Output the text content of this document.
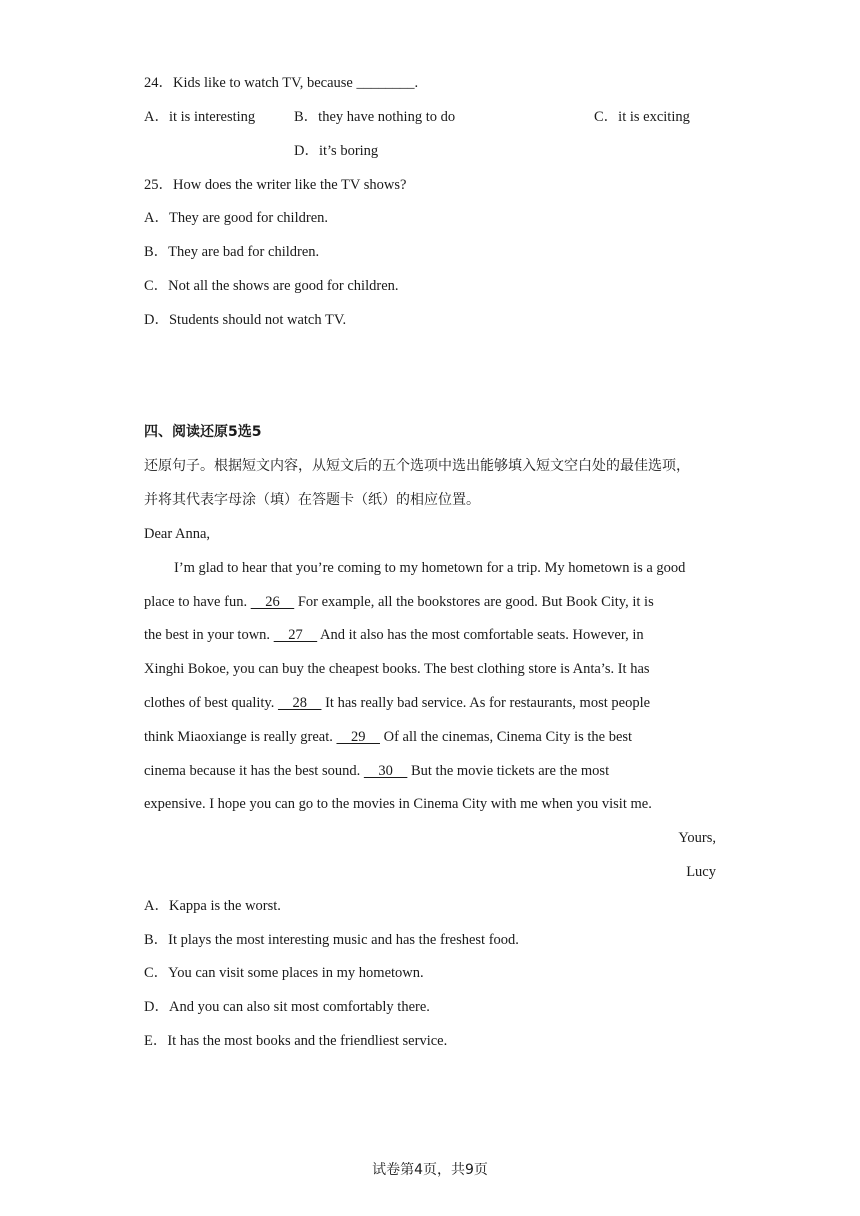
24．Kids like to watch TV, because ________.
A．it is interesting	B．they have nothing to do	C．it is exciting
D．it’s boring
25．How does the writer like the TV shows?
A．They are good for children.
B．They are bad for children.
C．Not all the shows are good for children.
D．Students should not watch TV.
四、阅读还原5选5
还原句子。根据短文内容，从短文后的五个选项中选出能够填入短文空白处的最佳选项，
并将其代表字母涂（填）在答题卡（纸）的相应位置。
Dear Anna,
I’m glad to hear that you’re coming to my hometown for a trip. My hometown is a good
place to have fun.     26     For example, all the bookstores are good. But Book City, it is
the best in your town.     27     And it also has the most comfortable seats. However, in
Xinghi Bokoe, you can buy the cheapest books. The best clothing store is Anta’s. It has
clothes of best quality.     28     It has really bad service. As for restaurants, most people
think Miaoxiange is really great.     29     Of all the cinemas, Cinema City is the best
cinema because it has the best sound.     30     But the movie tickets are the most
expensive. I hope you can go to the movies in Cinema City with me when you visit me.
Yours,
Lucy
A．Kappa is the worst.
B．It plays the most interesting music and has the freshest food.
C．You can visit some places in my hometown.
D．And you can also sit most comfortably there.
E．It has the most books and the friendliest service.
试卷第4页，共9页
